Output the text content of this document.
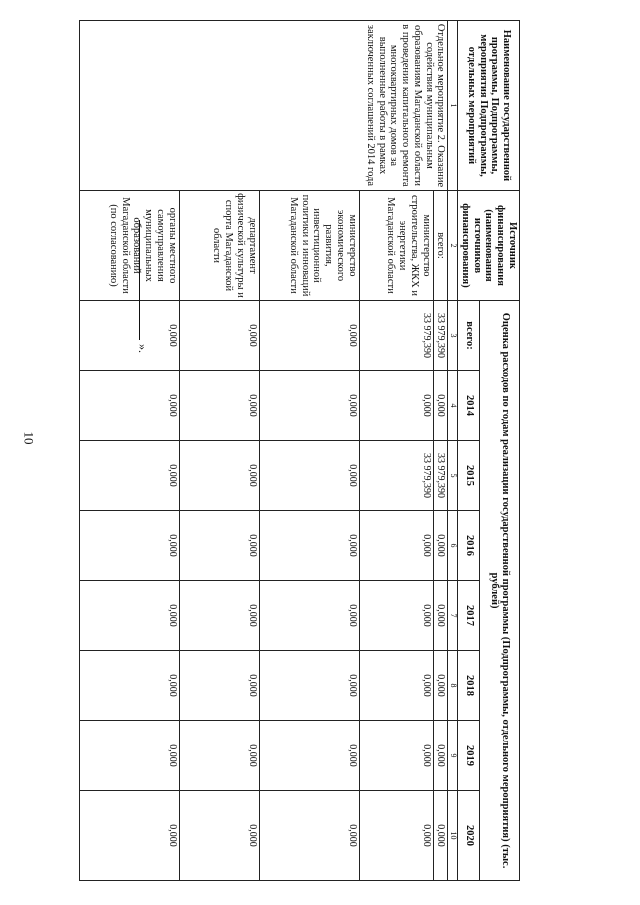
10
Наименование государственной программы, Подпрограммы, мероприятия Подпрограммы, отдельных мероприятий	Источник финансирования (наименования источников финансирования)	Оценка расходов по годам реализации государственной программы (Подпрограммы, отдельного мероприятия) (тыс. рублей)							
		всего:	2014	2015	2016	2017	2018	2019	2020
1	2	3	4	5	6	7	8	9	10
Отдельное мероприятие 2. Оказание содействия муниципальным образованиям Магаданской области в проведении капитального ремонта многоквартирных домов за выполненные работы в рамках заключенных соглашений 2014 года	всего:	33 979,390	0,000	33 979,390	0,000	0,000	0,000	0,000	0,000
	министерство строительства, ЖКХ и энергетики Магаданской области	33 979,390	0,000	33 979,390	0,000	0,000	0,000	0,000	0,000
	министерство экономического развития, инвестиционной политики и инноваций Магаданской области	0,000	0,000	0,000	0,000	0,000	0,000	0,000	0,000
	департамент физической культуры и спорта Магаданской области	0,000	0,000	0,000	0,000	0,000	0,000	0,000	0,000
	органы местного самоуправления муниципальных образований Магаданской области (по согласованию)	0,000	0,000	0,000	0,000	0,000	0,000	0,000	0,000
».
